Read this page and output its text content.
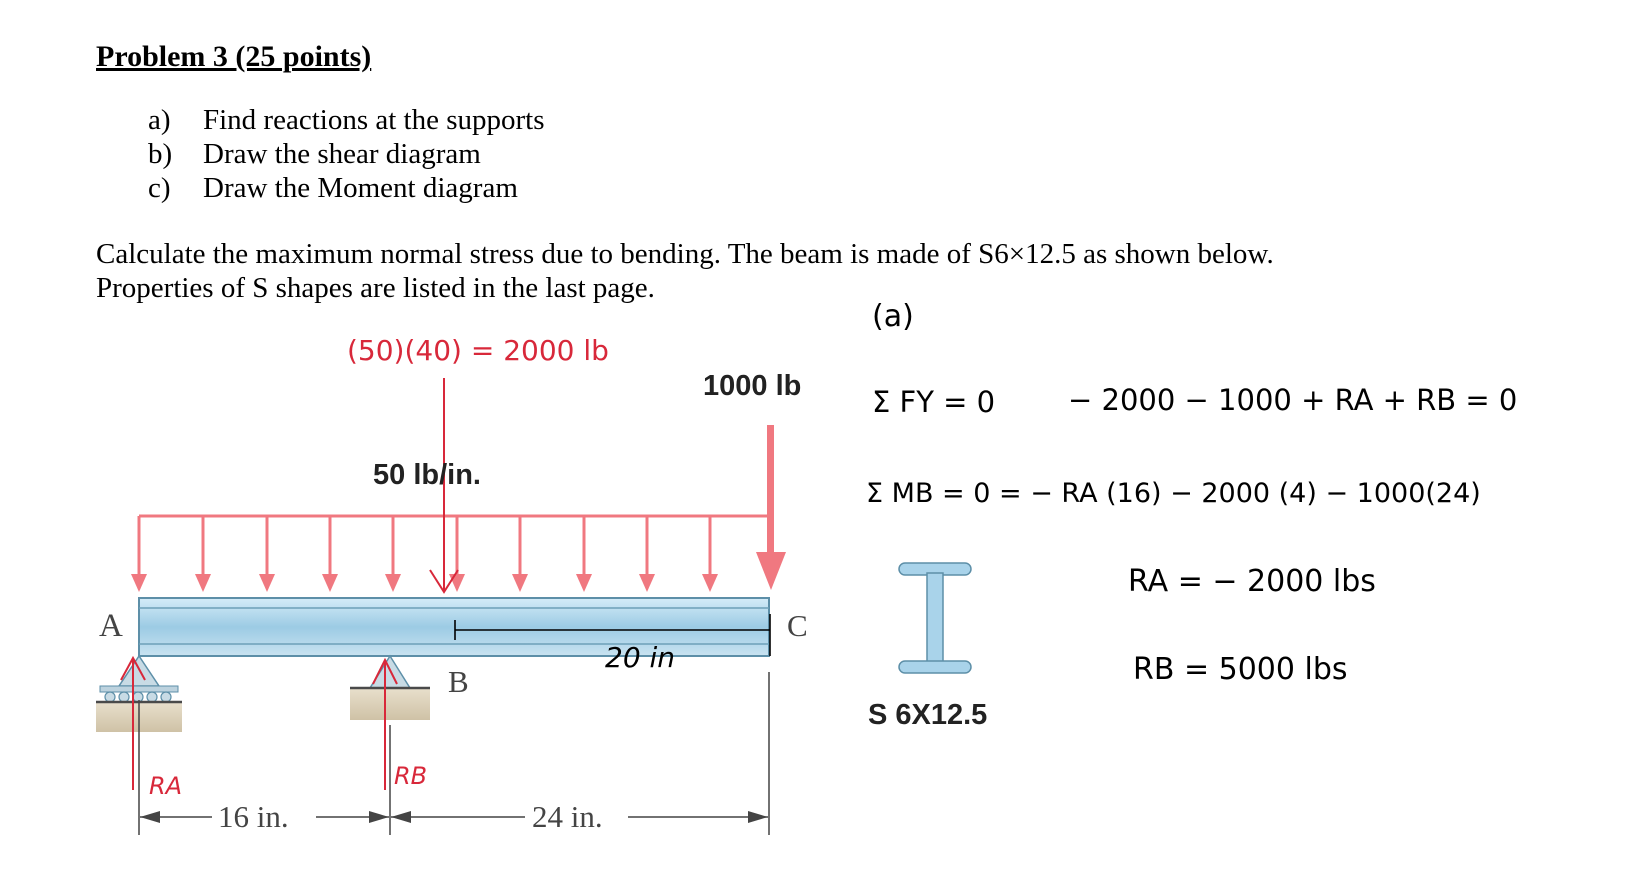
Problem 3 (25 points)
a) Find reactions at the supports
b) Draw the shear diagram
c) Draw the Moment diagram
Calculate the maximum normal stress due to bending. The beam is made of S6×12.5 as shown below.
Properties of S shapes are listed in the last page.
50 lb/in.
1000 lb
A
B
C
16 in.	24 in.
S 6X12.5
(50)(40) = 2000 lb
20 in
RA	RB
(a)
Σ FY = 0	− 2000 − 1000 + RA + RB = 0
Σ MB = 0 = − RA (16) − 2000 (4) − 1000(24)
RA = − 2000 lbs
RB = 5000 lbs
